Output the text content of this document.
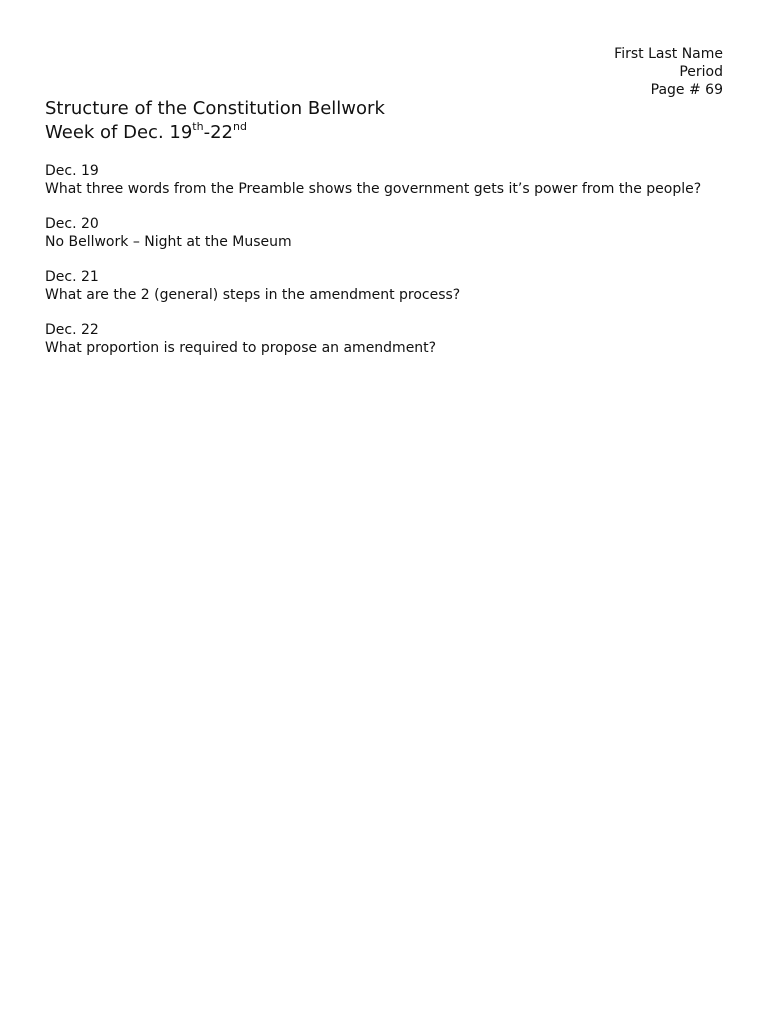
First Last Name
Period
Page # 69
Structure of the Constitution Bellwork
Week of Dec. 19th-22nd
Dec. 19
What three words from the Preamble shows the government gets it’s power from the people?
Dec. 20
No Bellwork – Night at the Museum
Dec. 21
What are the 2 (general) steps in the amendment process?
Dec. 22
What proportion is required to propose an amendment?
